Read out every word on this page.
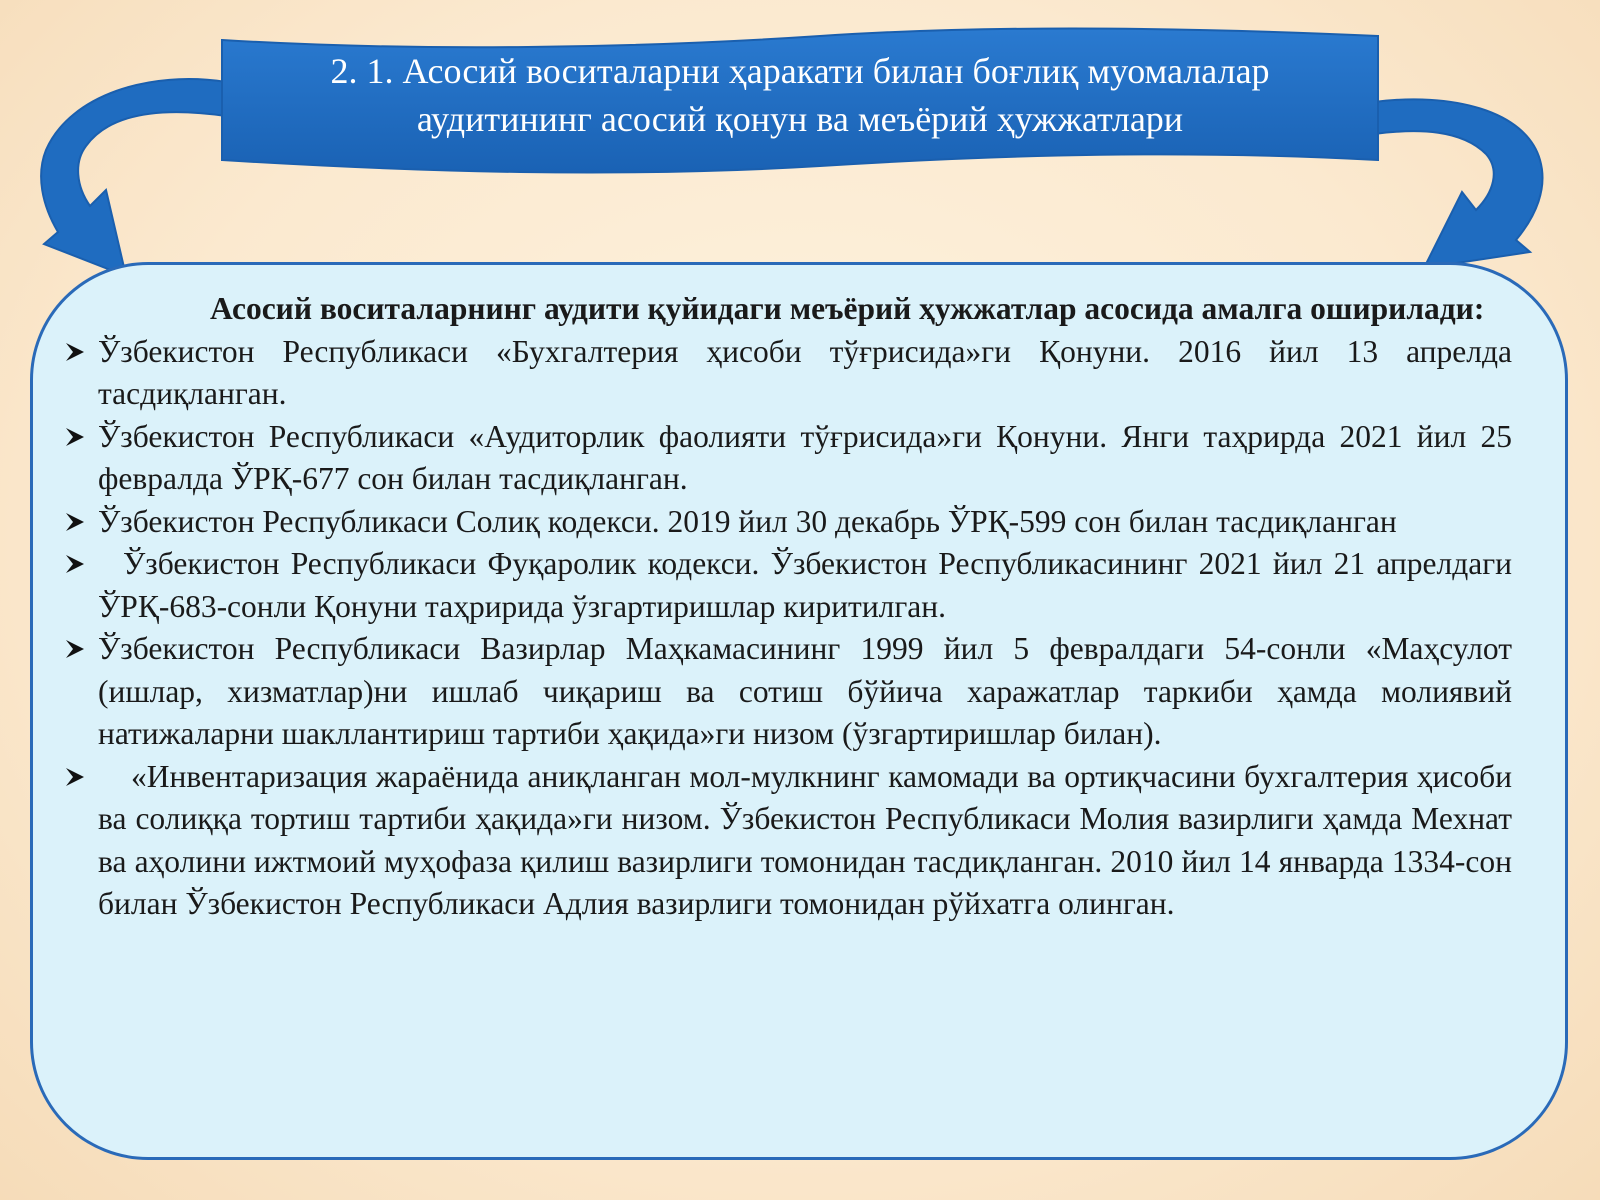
2. 1. Асосий воситаларни ҳаракати билан боғлиқ муомалалар аудитининг асосий қонун ва меъёрий ҳужжатлари

Асосий воситаларнинг аудити қуйидаги меъёрий ҳужжатлар асосида амалга оширилади:

Ўзбекистон Республикаси «Бухгалтерия ҳисоби тўғрисида»ги Қонуни. 2016 йил 13 апрелда тасдиқланган.
Ўзбекистон Республикаси «Аудиторлик фаолияти тўғрисида»ги Қонуни. Янги таҳрирда 2021 йил 25 февралда ЎРҚ-677 сон билан тасдиқланган.
Ўзбекистон Республикаси Солиқ кодекси. 2019 йил 30 декабрь ЎРҚ-599 сон билан тасдиқланган
Ўзбекистон Республикаси Фуқаролик кодекси. Ўзбекистон Республикасининг 2021 йил 21 апрелдаги ЎРҚ-683-сонли Қонуни таҳририда ўзгартиришлар киритилган.
Ўзбекистон Республикаси Вазирлар Маҳкамасининг 1999 йил 5 февралдаги 54-сонли «Маҳсулот (ишлар, хизматлар)ни ишлаб чиқариш ва сотиш бўйича харажатлар таркиби ҳамда молиявий натижаларни шакллантириш тартиби ҳақида»ги низом (ўзгартиришлар билан).
«Инвентаризация жараёнида аниқланган мол-мулкнинг камомади ва ортиқчасини бухгалтерия ҳисоби ва солиққа тортиш тартиби ҳақида»ги низом. Ўзбекистон Республикаси Молия вазирлиги ҳамда Мехнат ва аҳолини ижтмоий муҳофаза қилиш вазирлиги томонидан тасдиқланган. 2010 йил 14 январда 1334-сон билан Ўзбекистон Республикаси Адлия вазирлиги томонидан рўйхатга олинган.
